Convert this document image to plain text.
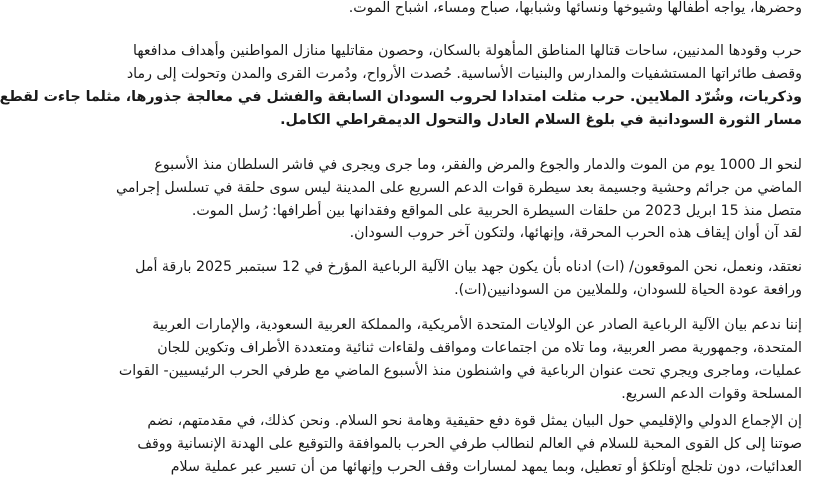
وحضرها، يواجه أطفالها وشيوخها ونسائها وشبابها، صباح ومساء، اشباح الموت.
حرب وقودها المدنيين، ساحات قتالها المناطق المأهولة بالسكان، وحصون مقاتليها منازل المواطنين وأهداف مدافعها
وقصف طائراتها المستشفيات والمدارس والبنيات الأساسية. حُصدت الأرواح، ودُمرت القرى والمدن وتحولت إلى رماد
وذكريات، وشُرّد الملايين. حرب مثلت امتدادا لحروب السودان السابقة والفشل في معالجة جذورها، مثلما جاءت لقطع
مسار الثورة السودانية في بلوغ السلام العادل والتحول الديمقراطي الكامل.
لنحو الـ 1000 يوم من الموت والدمار والجوع والمرض والفقر، وما جرى ويجرى في فاشر السلطان منذ الأسبوع
الماضي من جرائم وحشية وجسيمة بعد سيطرة قوات الدعم السريع على المدينة ليس سوى حلقة في تسلسل إجرامي
متصل منذ 15 ابريل 2023 من حلقات السيطرة الحربية على المواقع وفقدانها بين أطرافها: رُسل الموت.
لقد آن أوان إيقاف هذه الحرب المحرقة، وإنهائها، ولتكون آخر حروب السودان.
نعتقد، ونعمل، نحن الموقعون/ (ات) ادناه بأن يكون جهد بيان الآلية الرباعية المؤرخ في 12 سبتمبر 2025 بارقة أمل
ورافعة عودة الحياة للسودان، وللملايين من السودانيين(ات).
إننا ندعم بيان الآلية الرباعية الصادر عن الولايات المتحدة الأمريكية، والمملكة العربية السعودية، والإمارات العربية
المتحدة، وجمهورية مصر العربية، وما تلاه من اجتماعات ومواقف ولقاءات ثنائية ومتعددة الأطراف وتكوين للجان
عمليات، وماجرى ويجري تحت عنوان الرباعية في واشنطون منذ الأسبوع الماضي مع طرفي الحرب الرئيسيين- القوات
المسلحة وقوات الدعم السريع.
إن الإجماع الدولي والإقليمي حول البيان يمثل قوة دفع حقيقية وهامة نحو السلام. ونحن كذلك، في مقدمتهم، نضم
صوتنا إلى كل القوى المحبة للسلام في العالم لنطالب طرفي الحرب بالموافقة والتوقيع على الهدنة الإنسانية ووقف
العدائيات، دون تلجلج أوتلكؤ أو تعطيل، وبما يمهد لمسارات وقف الحرب وإنهائها من أن تسير عبر عملية سلام
